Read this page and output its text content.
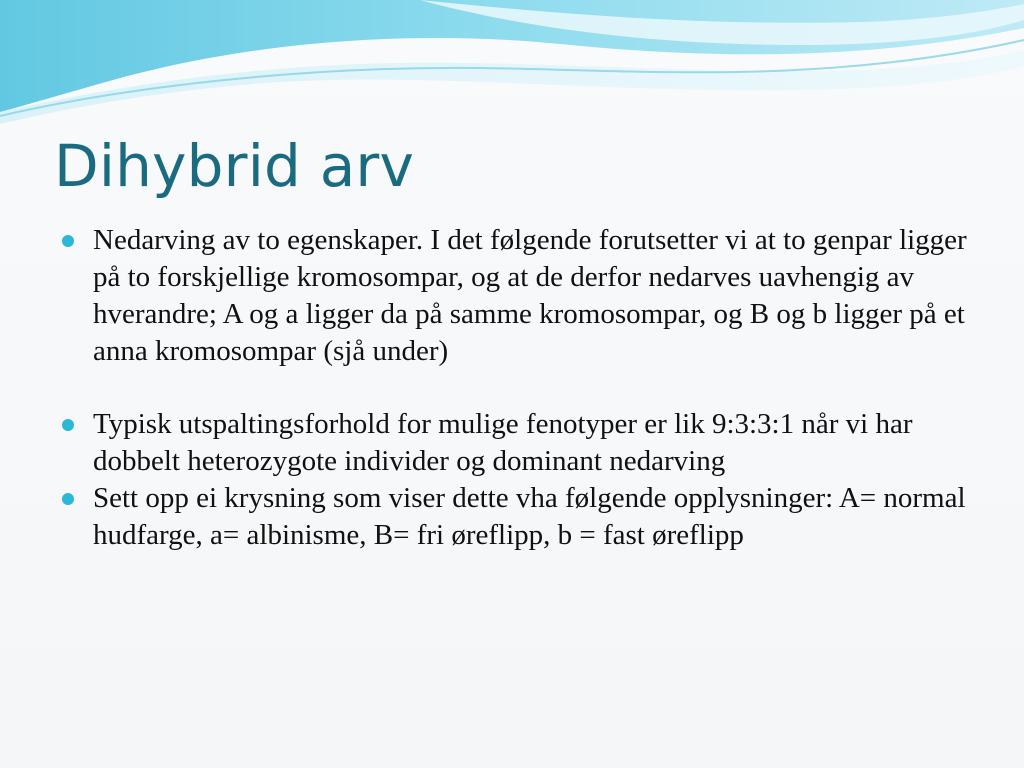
Dihybrid arv
Nedarving av to egenskaper. I det følgende forutsetter vi at to genpar ligger på to forskjellige kromosompar, og at de derfor nedarves uavhengig av hverandre; A og a ligger da på samme kromosompar, og B og b ligger på et anna kromosompar (sjå under)
Typisk utspaltingsforhold for mulige fenotyper er lik 9:3:3:1 når vi har dobbelt heterozygote individer og dominant nedarving
Sett opp ei krysning som viser dette vha følgende opplysninger: A= normal hudfarge, a= albinisme, B= fri øreflipp, b = fast øreflipp
